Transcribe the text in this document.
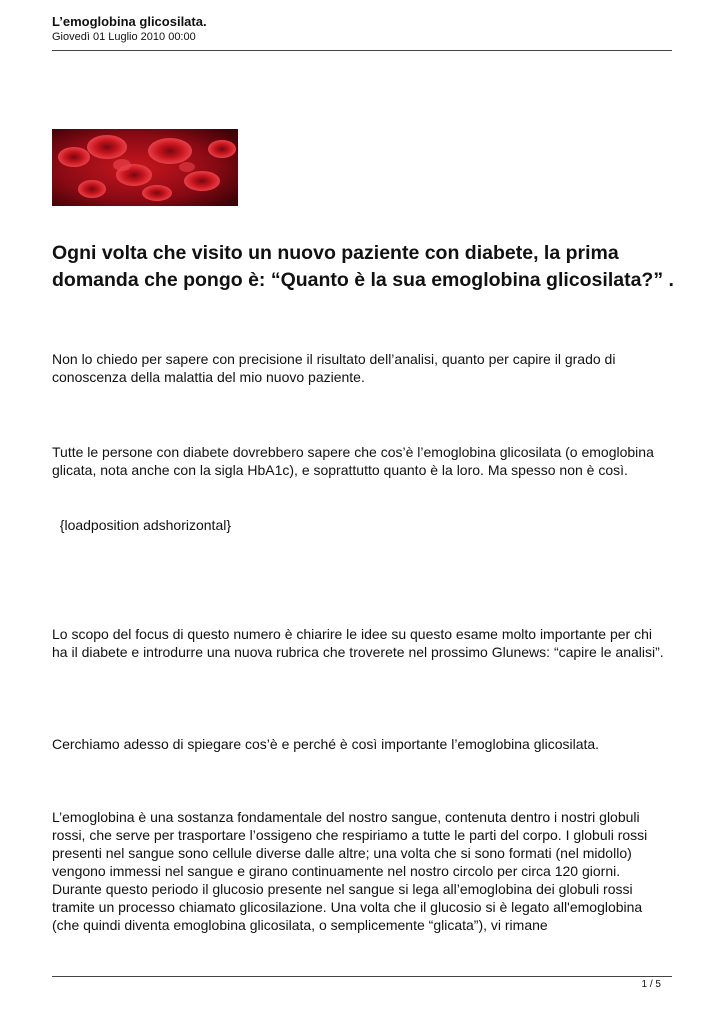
L’emoglobina glicosilata.
Giovedì 01 Luglio 2010 00:00
Ogni volta che visito un nuovo paziente con diabete, la prima domanda che pongo è: “Quanto è la sua emoglobina glicosilata?” .

Non lo chiedo per sapere con precisione il risultato dell’analisi, quanto per capire il grado di conoscenza della malattia del mio nuovo paziente.

Tutte le persone con diabete dovrebbero sapere che cos’è l’emoglobina glicosilata (o emoglobina glicata, nota anche con la sigla HbA1c), e soprattutto quanto è la loro. Ma spesso non è così.

{loadposition adshorizontal}

Lo scopo del focus di questo numero è chiarire le idee su questo esame molto importante per chi ha il diabete e introdurre una nuova rubrica che troverete nel prossimo Glunews: “capire le analisi”.

Cerchiamo adesso di spiegare cos’è e perché è così importante l’emoglobina glicosilata.

L’emoglobina è una sostanza fondamentale del nostro sangue, contenuta dentro i nostri globuli rossi, che serve per trasportare l’ossigeno che respiriamo a tutte le parti del corpo. I globuli rossi presenti nel sangue sono cellule diverse dalle altre; una volta che si sono formati (nel midollo) vengono immessi nel sangue e girano continuamente nel nostro circolo per circa 120 giorni. Durante questo periodo il glucosio presente nel sangue si lega all’emoglobina dei globuli rossi tramite un processo chiamato glicosilazione. Una volta che il glucosio si è legato all'emoglobina (che quindi diventa emoglobina glicosilata, o semplicemente “glicata”), vi rimane

1 / 5
